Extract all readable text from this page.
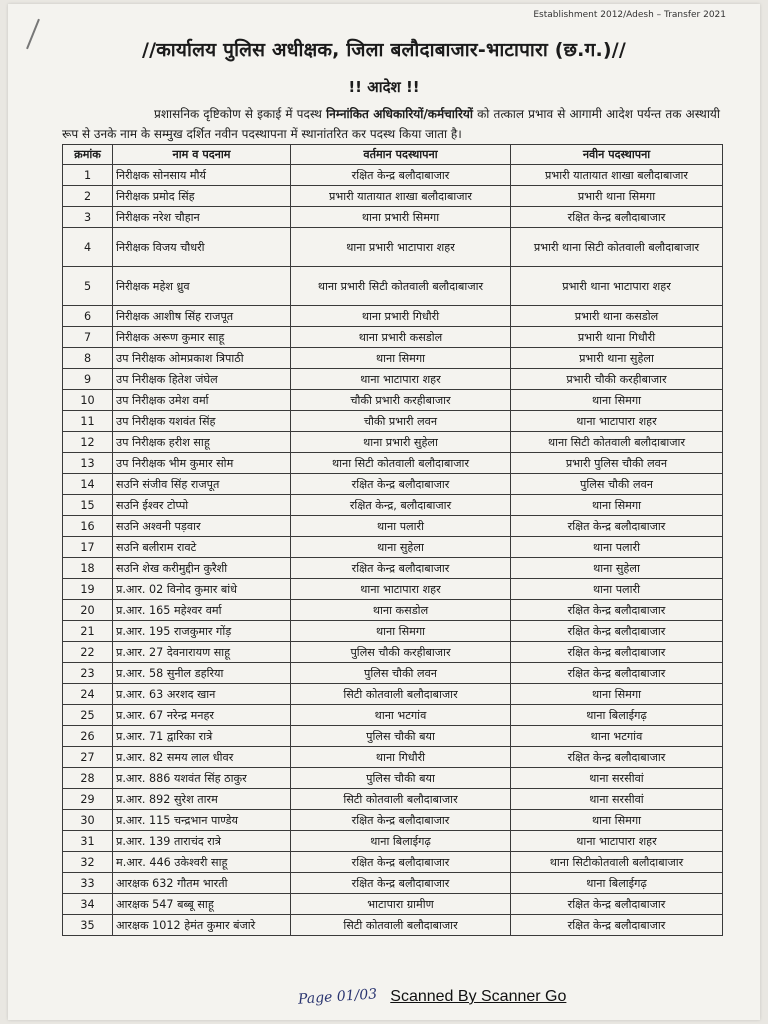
Establishment 2012/Adesh – Transfer 2021
//कार्यालय पुलिस अधीक्षक, जिला बलौदाबाजार-भाटापारा (छ.ग.)//
!! आदेश !!
प्रशासनिक दृष्टिकोण से इकाई में पदस्थ निम्नांकित अधिकारियों/कर्मचारियों को तत्काल प्रभाव से आगामी आदेश पर्यन्त तक अस्थायी रूप से उनके नाम के सम्मुख दर्शित नवीन पदस्थापना में स्थानांतरित कर पदस्थ किया जाता है।
क्रमांक	नाम व पदनाम	वर्तमान पदस्थापना	नवीन पदस्थापना
1	निरीक्षक सोनसाय मौर्य	रक्षित केन्द्र बलौदाबाजार	प्रभारी यातायात शाखा बलौदाबाजार
2	निरीक्षक प्रमोद सिंह	प्रभारी यातायात शाखा बलौदाबाजार	प्रभारी थाना सिमगा
3	निरीक्षक नरेश चौहान	थाना प्रभारी सिमगा	रक्षित केन्द्र बलौदाबाजार
4	निरीक्षक विजय चौधरी	थाना प्रभारी भाटापारा शहर	प्रभारी थाना सिटी कोतवाली बलौदाबाजार
5	निरीक्षक महेश ध्रुव	थाना प्रभारी सिटी कोतवाली बलौदाबाजार	प्रभारी थाना भाटापारा शहर
6	निरीक्षक आशीष सिंह राजपूत	थाना प्रभारी गिधौरी	प्रभारी थाना कसडोल
7	निरीक्षक अरूण कुमार साहू	थाना प्रभारी कसडोल	प्रभारी थाना गिधौरी
8	उप निरीक्षक ओमप्रकाश त्रिपाठी	थाना सिमगा	प्रभारी थाना सुहेला
9	उप निरीक्षक हितेश जंघेल	थाना भाटापारा शहर	प्रभारी चौकी करहीबाजार
10	उप निरीक्षक उमेश वर्मा	चौकी प्रभारी करहीबाजार	थाना सिमगा
11	उप निरीक्षक यशवंत सिंह	चौकी प्रभारी लवन	थाना भाटापारा शहर
12	उप निरीक्षक हरीश साहू	थाना प्रभारी सुहेला	थाना सिटी कोतवाली बलौदाबाजार
13	उप निरीक्षक भीम कुमार सोम	थाना सिटी कोतवाली बलौदाबाजार	प्रभारी पुलिस चौकी लवन
14	सउनि संजीव सिंह राजपूत	रक्षित केन्द्र बलौदाबाजार	पुलिस चौकी लवन
15	सउनि ईश्वर टोप्पो	रक्षित केन्द्र, बलौदाबाजार	थाना सिमगा
16	सउनि अश्वनी पड़वार	थाना पलारी	रक्षित केन्द्र बलौदाबाजार
17	सउनि बलीराम रावटे	थाना सुहेला	थाना पलारी
18	सउनि शेख करीमुद्दीन कुरैशी	रक्षित केन्द्र बलौदाबाजार	थाना सुहेला
19	प्र.आर. 02 विनोद कुमार बांधे	थाना भाटापारा शहर	थाना पलारी
20	प्र.आर. 165 महेश्वर वर्मा	थाना कसडोल	रक्षित केन्द्र बलौदाबाजार
21	प्र.आर. 195 राजकुमार गोंड़	थाना सिमगा	रक्षित केन्द्र बलौदाबाजार
22	प्र.आर. 27 देवनारायण साहू	पुलिस चौकी करहीबाजार	रक्षित केन्द्र बलौदाबाजार
23	प्र.आर. 58 सुनील डहरिया	पुलिस चौकी लवन	रक्षित केन्द्र बलौदाबाजार
24	प्र.आर. 63 अरशद खान	सिटी कोतवाली बलौदाबाजार	थाना सिमगा
25	प्र.आर. 67 नरेन्द्र मनहर	थाना भटगांव	थाना बिलाईगढ़
26	प्र.आर. 71 द्वारिका रात्रे	पुलिस चौकी बया	थाना भटगांव
27	प्र.आर. 82 समय लाल धीवर	थाना गिधौरी	रक्षित केन्द्र बलौदाबाजार
28	प्र.आर. 886 यशवंत सिंह ठाकुर	पुलिस चौकी बया	थाना सरसीवां
29	प्र.आर. 892 सुरेश तारम	सिटी कोतवाली बलौदाबाजार	थाना सरसीवां
30	प्र.आर. 115 चन्द्रभान पाण्डेय	रक्षित केन्द्र बलौदाबाजार	थाना सिमगा
31	प्र.आर. 139 ताराचंद रात्रे	थाना बिलाईगढ़	थाना भाटापारा शहर
32	म.आर. 446 उकेश्वरी साहू	रक्षित केन्द्र बलौदाबाजार	थाना सिटीकोतवाली बलौदाबाजार
33	आरक्षक 632 गौतम भारती	रक्षित केन्द्र बलौदाबाजार	थाना बिलाईगढ़
34	आरक्षक 547 बब्बू साहू	भाटापारा ग्रामीण	रक्षित केन्द्र बलौदाबाजार
35	आरक्षक 1012 हेमंत कुमार बंजारे	सिटी कोतवाली बलौदाबाजार	रक्षित केन्द्र बलौदाबाजार
Page 01/03 Scanned By Scanner Go
